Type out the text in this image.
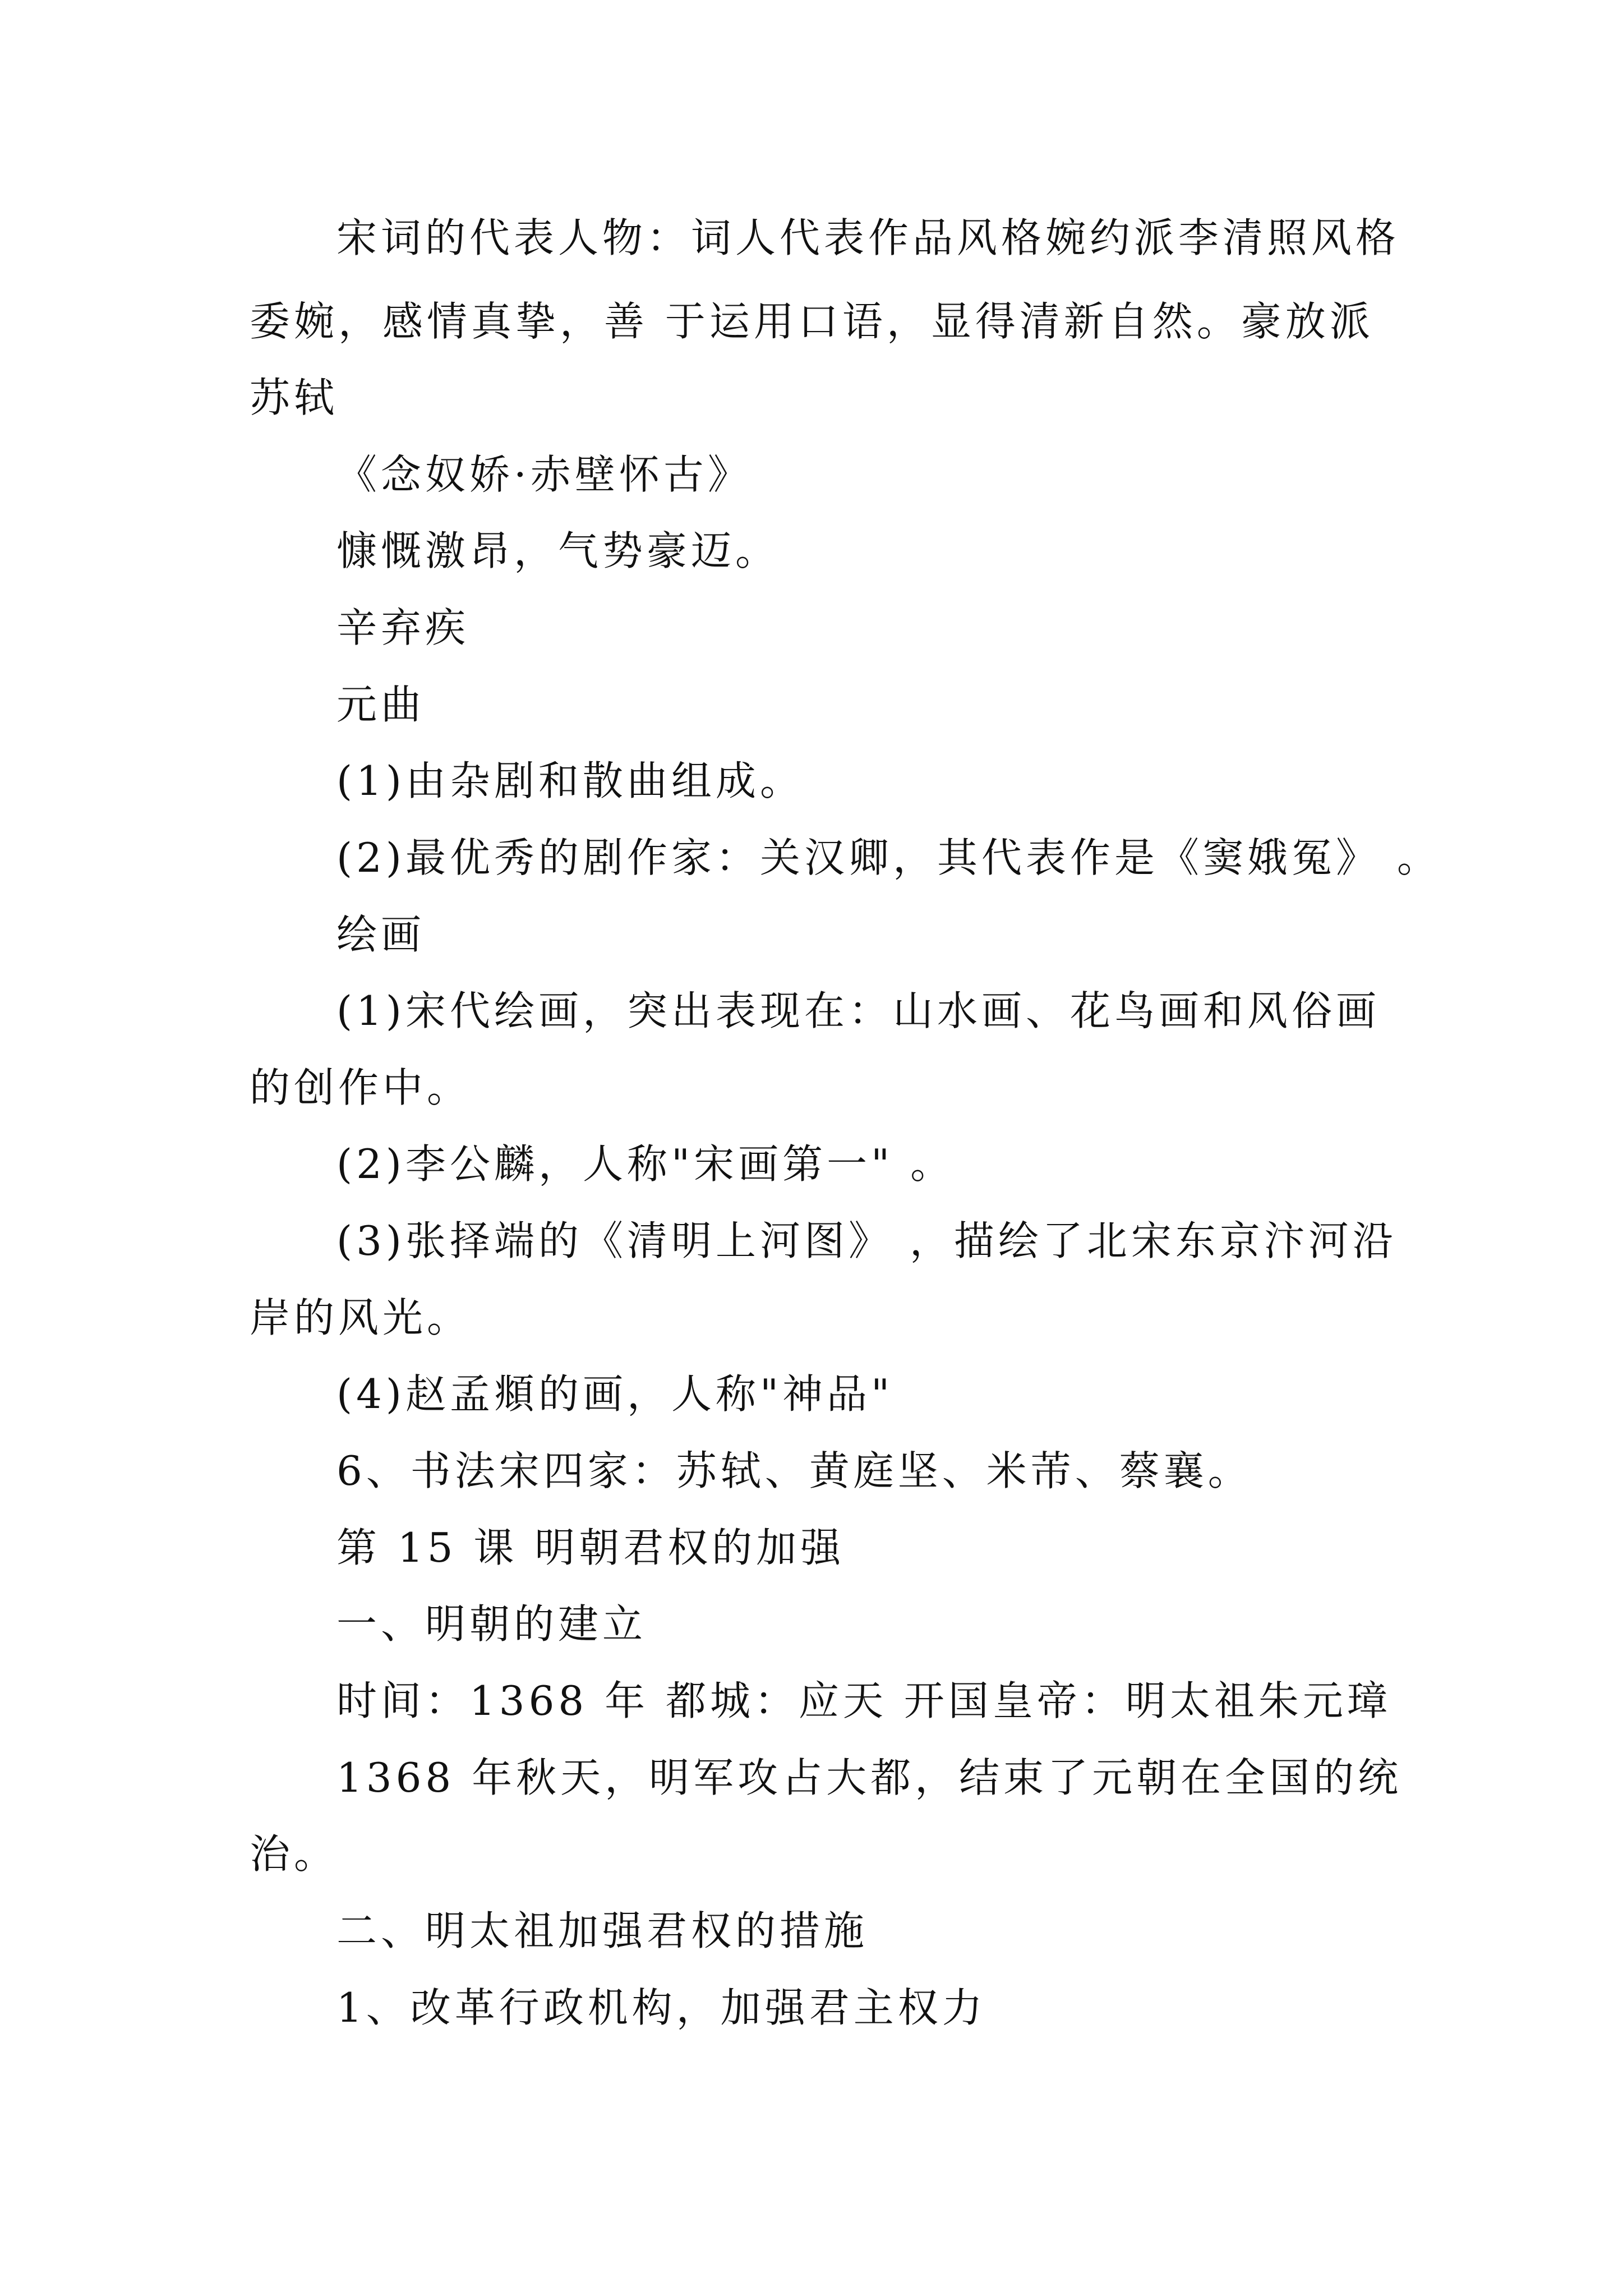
宋词的代表人物：词人代表作品风格婉约派李清照风格

委婉，感情真挚，善 于运用口语，显得清新自然。豪放派

苏轼

《念奴娇·赤壁怀古》

慷慨激昂，气势豪迈。

辛弃疾

元曲

(1)由杂剧和散曲组成。

(2)最优秀的剧作家：关汉卿，其代表作是《窦娥冤》 。

绘画

(1)宋代绘画，突出表现在：山水画、花鸟画和风俗画

的创作中。

(2)李公麟，人称"宋画第一" 。

(3)张择端的《清明上河图》 ，描绘了北宋东京汴河沿

岸的风光。

(4)赵孟頫的画，人称"神品"

6、书法宋四家：苏轼、黄庭坚、米芾、蔡襄。

第 15 课 明朝君权的加强

一、明朝的建立

时间：1368 年 都城：应天 开国皇帝：明太祖朱元璋

1368 年秋天，明军攻占大都，结束了元朝在全国的统

治。

二、明太祖加强君权的措施

1、改革行政机构，加强君主权力
